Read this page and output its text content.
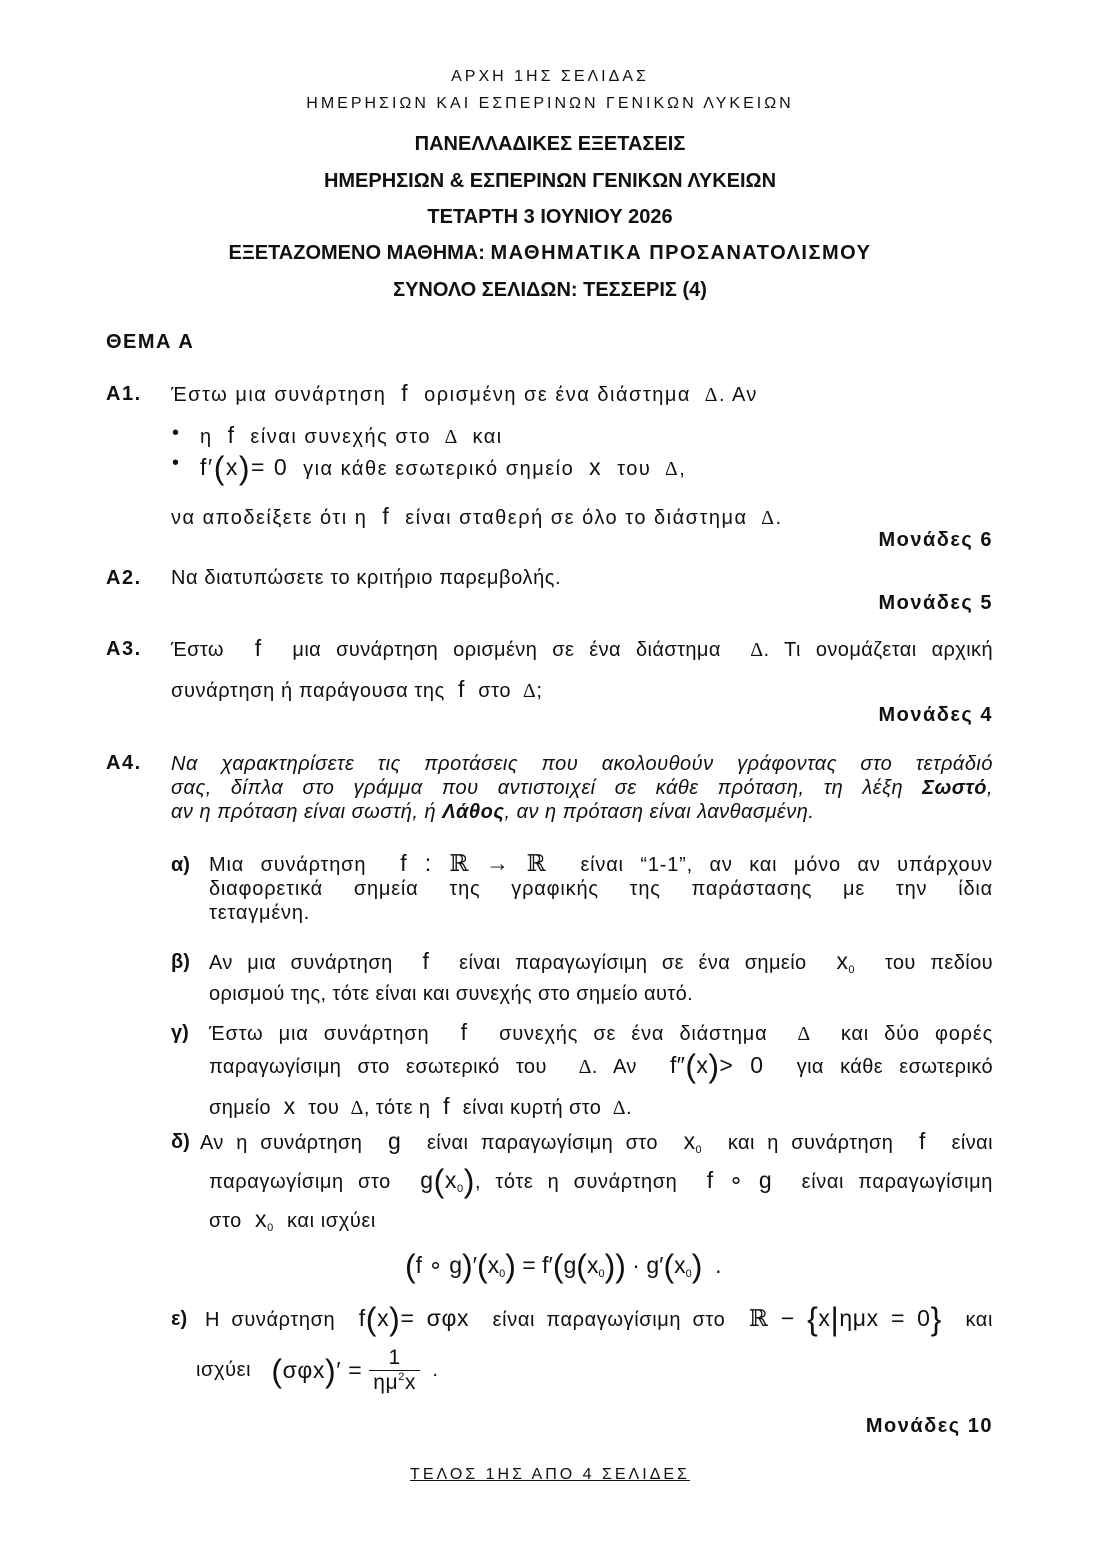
ΑΡΧΗ 1ΗΣ ΣΕΛΙΔΑΣ
ΗΜΕΡΗΣΙΩΝ ΚΑΙ ΕΣΠΕΡΙΝΩΝ ΓΕΝΙΚΩΝ ΛΥΚΕΙΩΝ
ΠΑΝΕΛΛΑΔΙΚΕΣ ΕΞΕΤΑΣΕΙΣ
ΗΜΕΡΗΣΙΩΝ & ΕΣΠΕΡΙΝΩΝ ΓΕΝΙΚΩΝ ΛΥΚΕΙΩΝ
ΤΕΤΑΡΤΗ 3 ΙΟΥΝΙΟΥ 2026
ΕΞΕΤΑΖΟΜΕΝΟ ΜΑΘΗΜΑ: ΜΑΘΗΜΑΤΙΚΑ ΠΡΟΣΑΝΑΤΟΛΙΣΜΟΥ
ΣΥΝΟΛΟ ΣΕΛΙΔΩΝ: ΤΕΣΣΕΡΙΣ (4)
ΘΕΜΑ Α
Α1. Έστω μια συνάρτηση  f  ορισμένη σε ένα διάστημα  Δ. Αν
η  f  είναι συνεχής στο  Δ  και
f′(x)= 0  για κάθε εσωτερικό σημείο  x  του  Δ,
να αποδείξετε ότι η  f  είναι σταθερή σε όλο το διάστημα  Δ.
Μονάδες 6
Α2. Να διατυπώσετε το κριτήριο παρεμβολής.
Μονάδες 5
Α3. Έστω  f  μια συνάρτηση ορισμένη σε ένα διάστημα  Δ. Τι ονομάζεται αρχική
συνάρτηση ή παράγουσα της  f  στο  Δ;
Μονάδες 4
Α4. Να χαρακτηρίσετε τις προτάσεις που ακολουθούν γράφοντας στο τετράδιό
σας, δίπλα στο γράμμα που αντιστοιχεί σε κάθε πρόταση, τη λέξη Σωστό,
αν η πρόταση είναι σωστή, ή Λάθος, αν η πρόταση είναι λανθασμένη.
α) Μια συνάρτηση  f : ℝ → ℝ είναι “1-1”, αν και μόνο αν υπάρχουν
διαφορετικά σημεία της γραφικής της παράστασης με την ίδια
τεταγμένη.
β) Αν μια συνάρτηση  f  είναι παραγωγίσιμη σε ένα σημείο  $x_0$ του πεδίου
ορισμού της, τότε είναι και συνεχής στο σημείο αυτό.
γ) Έστω μια συνάρτηση  f  συνεχής σε ένα διάστημα  Δ  και δύο φορές
παραγωγίσιμη στο εσωτερικό του  Δ. Αν  f″(x)> 0  για κάθε εσωτερικό
σημείο  x  του  Δ, τότε η  f  είναι κυρτή στο  Δ.
δ) Αν η συνάρτηση  g  είναι παραγωγίσιμη στο  $x_0$ και η συνάρτηση  f  είναι
παραγωγίσιμη στο  $g(x_0)$, τότε η συνάρτηση  f ∘ g  είναι παραγωγίσιμη
στο  $x_0$ και ισχύει
(f ∘ $g)'(x_0) = f'(g(x_0)) \cdot g'(x_0)$  .
ε) Η συνάρτηση  f(x)= σφx  είναι παραγωγίσιμη στο ℝ − {x|ημx = 0} και
ισχύει $(\sigma\varphi x)' = \frac{1}{\eta\mu^2x}$ .
Μονάδες 10
ΤΕΛΟΣ 1ΗΣ ΑΠΟ 4 ΣΕΛΙΔΕΣ
